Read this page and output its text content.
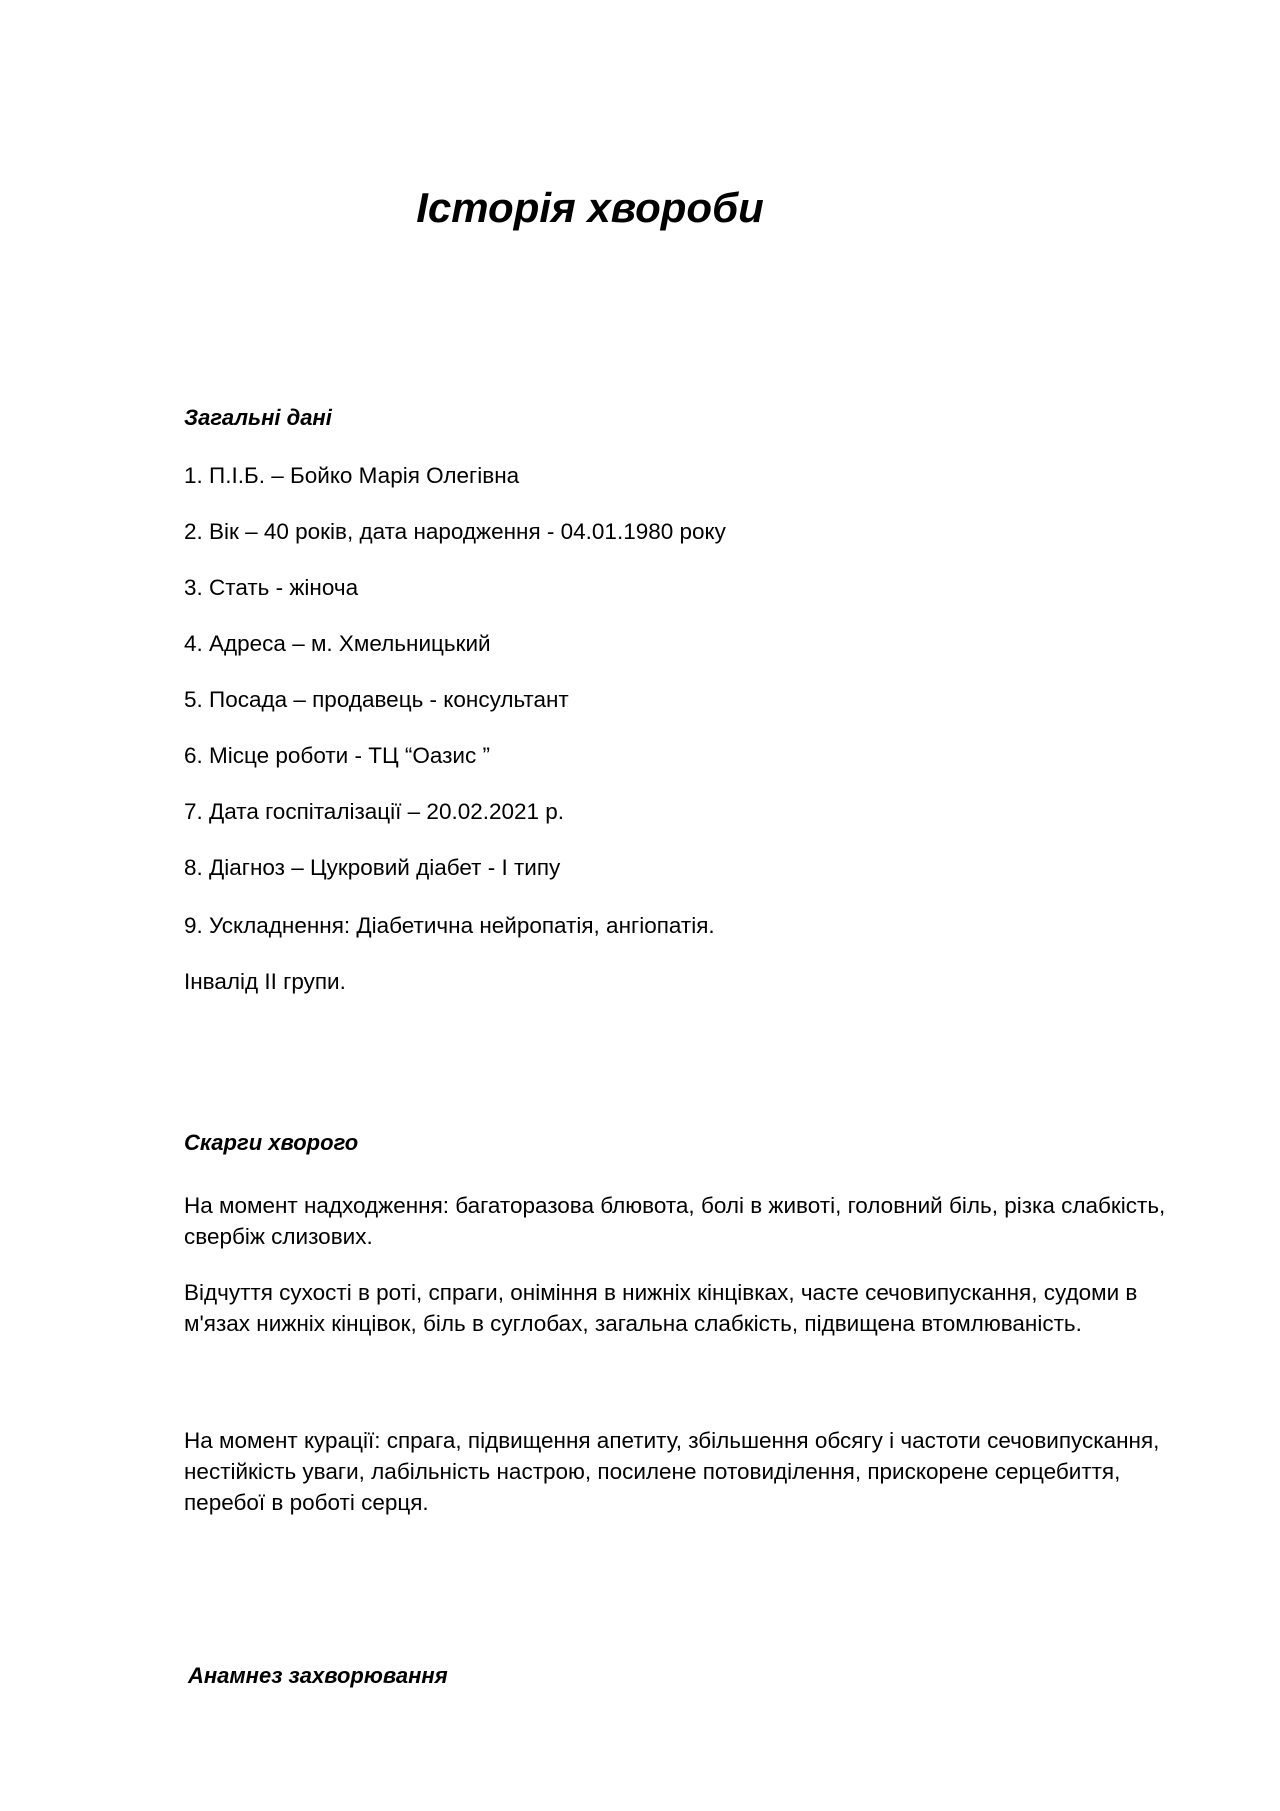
Історія хвороби
Загальні дані
1. П.І.Б. – Бойко Марія Олегівна
2. Вік – 40 років, дата народження - 04.01.1980 року
3. Стать - жіноча
4. Адреса – м. Хмельницький
5. Посада – продавець - консультант
6. Місце роботи - ТЦ “Оазис ”
7. Дата госпіталізації – 20.02.2021 р.
8. Діагноз – Цукровий діабет - І типу
9. Ускладнення: Діабетична нейропатія, ангіопатія.
Інвалід ІІ групи.
Скарги хворого
На момент надходження: багаторазова блювота, болі в животі, головний біль, різка слабкість, свербіж слизових.
Відчуття сухості в роті, спраги, оніміння в нижніх кінцівках, часте сечовипускання, судоми в м'язах нижніх кінцівок, біль в суглобах, загальна слабкість, підвищена втомлюваність.
На момент курації: спрага, підвищення апетиту, збільшення обсягу і частоти сечовипускання, нестійкість уваги, лабільність настрою, посилене потовиділення, прискорене серцебиття, перебої в роботі серця.
Анамнез захворювання
